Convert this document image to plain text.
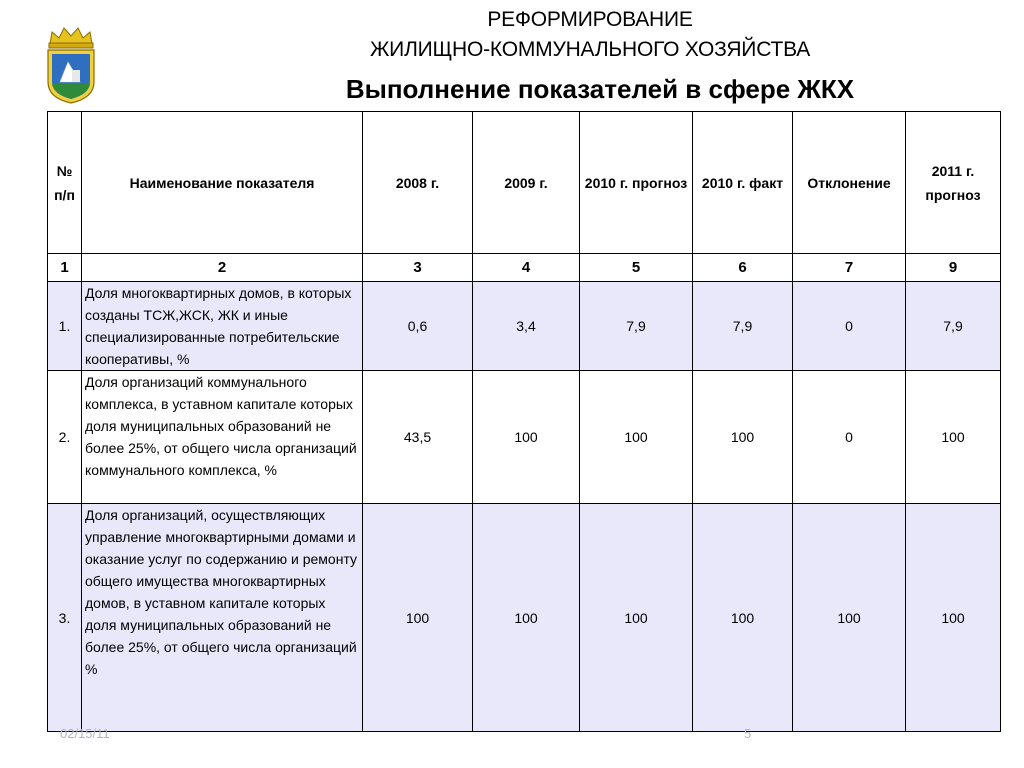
РЕФОРМИРОВАНИЕ
ЖИЛИЩНО-КОММУНАЛЬНОГО ХОЗЯЙСТВА
Выполнение показателей в сфере ЖКХ
№ п/п	Наименование показателя	2008 г.	2009 г.	2010 г. прогноз	2010 г. факт	Отклонение	2011 г. прогноз
1	2	3	4	5	6	7	9
1.	Доля многоквартирных домов, в которых созданы ТСЖ,ЖСК, ЖК и иные специализированные потребительские кооперативы, %	0,6	3,4	7,9	7,9	0	7,9
2.	Доля организаций коммунального комплекса, в уставном капитале которых доля муниципальных образований не более 25%, от общего числа организаций коммунального комплекса, %	43,5	100	100	100	0	100
3.	Доля организаций, осуществляющих управление многоквартирными домами и оказание услуг по содержанию и ремонту общего имущества многоквартирных домов, в уставном капитале которых доля муниципальных образований не более 25%, от общего числа организаций %	100	100	100	100	100	100
02/15/11	5
